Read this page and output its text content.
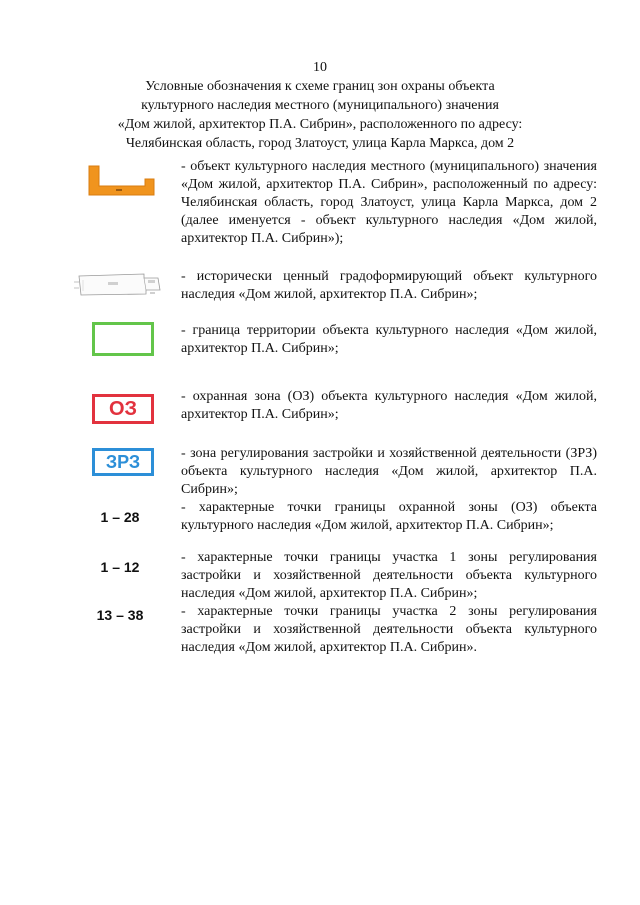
10
Условные обозначения к схеме границ зон охраны объекта
культурного наследия местного (муниципального) значения
«Дом жилой, архитектор П.А. Сибрин», расположенного по адресу:
Челябинская область, город Златоуст, улица Карла Маркса, дом 2
- объект культурного наследия местного (муниципального) значения «Дом жилой, архитектор П.А. Сибрин», расположенный по адресу: Челябинская область, город Златоуст, улица Карла Маркса, дом 2 (далее именуется - объект культурного наследия «Дом жилой, архитектор П.А. Сибрин»);
- исторически ценный градоформирующий объект культурного наследия «Дом жилой, архитектор П.А. Сибрин»;
- граница территории объекта культурного наследия «Дом жилой, архитектор П.А. Сибрин»;
ОЗ
- охранная зона (ОЗ) объекта культурного наследия «Дом жилой, архитектор П.А. Сибрин»;
ЗРЗ	- зона регулирования застройки и хозяйственной деятельности (ЗРЗ) объекта культурного наследия «Дом жилой, архитектор П.А. Сибрин»;
1 – 28
- характерные точки границы охранной зоны (ОЗ) объекта культурного наследия «Дом жилой, архитектор П.А. Сибрин»;
1 – 12
- характерные точки границы участка 1 зоны регулирования застройки и хозяйственной деятельности объекта культурного наследия «Дом жилой, архитектор П.А. Сибрин»;
13 – 38	- характерные точки границы участка 2 зоны регулирования застройки и хозяйственной деятельности объекта культурного наследия «Дом жилой, архитектор П.А. Сибрин».
